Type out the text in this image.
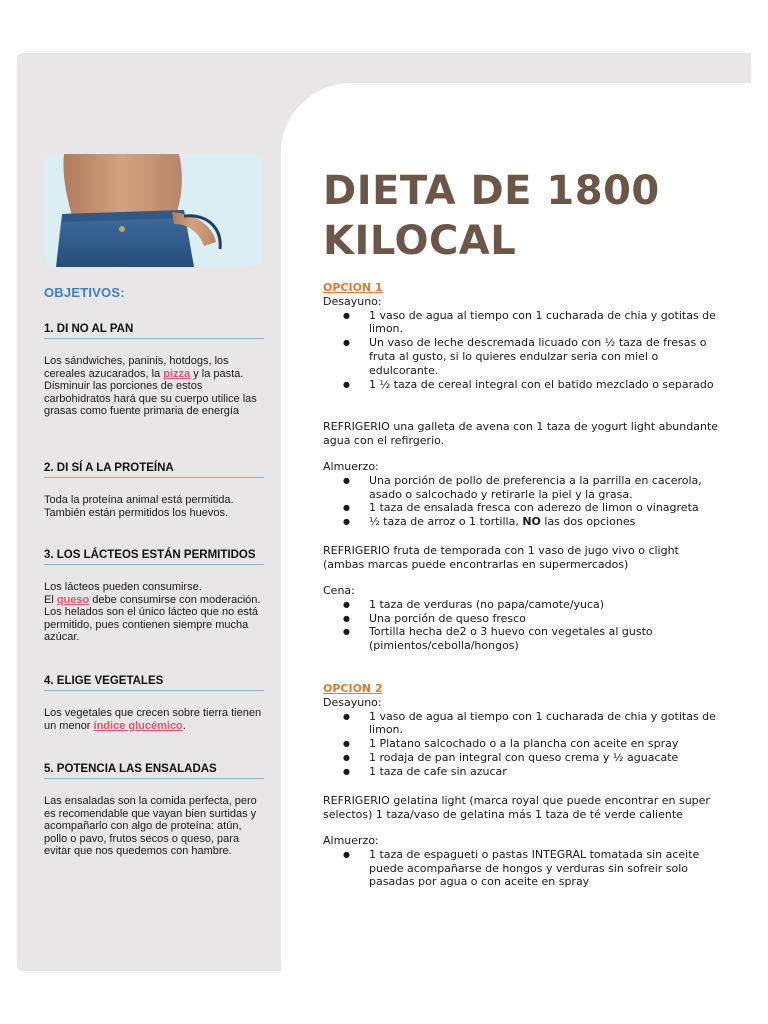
OBJETIVOS:

1. DI NO AL PAN

Los sándwiches, paninis, hotdogs, los cereales azucarados, la pizza y la pasta. Disminuir las porciones de estos carbohidratos hará que su cuerpo utilice las grasas como fuente primaria de energía

2. DI SÍ A LA PROTEÍNA

Toda la proteína animal está permitida. También están permitidos los huevos.

3. LOS LÁCTEOS ESTÁN PERMITIDOS

Los lácteos pueden consumirse.
El queso debe consumirse con moderación. Los helados son el único lácteo que no está permitido, pues contienen siempre mucha azúcar.

4. ELIGE VEGETALES

Los vegetales que crecen sobre tierra tienen un menor índice glucémico.

5. POTENCIA LAS ENSALADAS

Las ensaladas son la comida perfecta, pero es recomendable que vayan bien surtidas y acompañarlo con algo de proteína: atún, pollo o pavo, frutos secos o queso, para evitar que nos quedemos con hambre.

DIETA DE 1800
KILOCAL
OPCION 1
Desayuno:
● 1 vaso de agua al tiempo con 1 cucharada de chia y gotitas de limon.
● Un vaso de leche descremada licuado con ½ taza de fresas o fruta al gusto, si lo quieres endulzar seria con miel o edulcorante.
● 1 ½ taza de cereal integral con el batido mezclado o separado
REFRIGERIO una galleta de avena con 1 taza de yogurt light abundante agua con el refirgerio.
Almuerzo:
● Una porción de pollo de preferencia a la parrilla en cacerola, asado o salcochado y retirarle la piel y la grasa.
● 1 taza de ensalada fresca con aderezo de limon o vinagreta
● ½ taza de arroz o 1 tortilla, NO las dos opciones
REFRIGERIO fruta de temporada con 1 vaso de jugo vivo o clight (ambas marcas puede encontrarlas en supermercados)
Cena:
● 1 taza de verduras (no papa/camote/yuca)
● Una porción de queso fresco
● Tortilla hecha de2 o 3 huevo con vegetales al gusto (pimientos/cebolla/hongos)
OPCION 2
Desayuno:
● 1 vaso de agua al tiempo con 1 cucharada de chia y gotitas de limon.
● 1 Platano salcochado o a la plancha con aceite en spray
● 1 rodaja de pan integral con queso crema y ½ aguacate
● 1 taza de cafe sin azucar
REFRIGERIO gelatina light (marca royal que puede encontrar en super selectos) 1 taza/vaso de gelatina más 1 taza de té verde caliente
Almuerzo:
● 1 taza de espagueti o pastas INTEGRAL tomatada sin aceite puede acompañarse de hongos y verduras sin sofreir solo pasadas por agua o con aceite en spray
